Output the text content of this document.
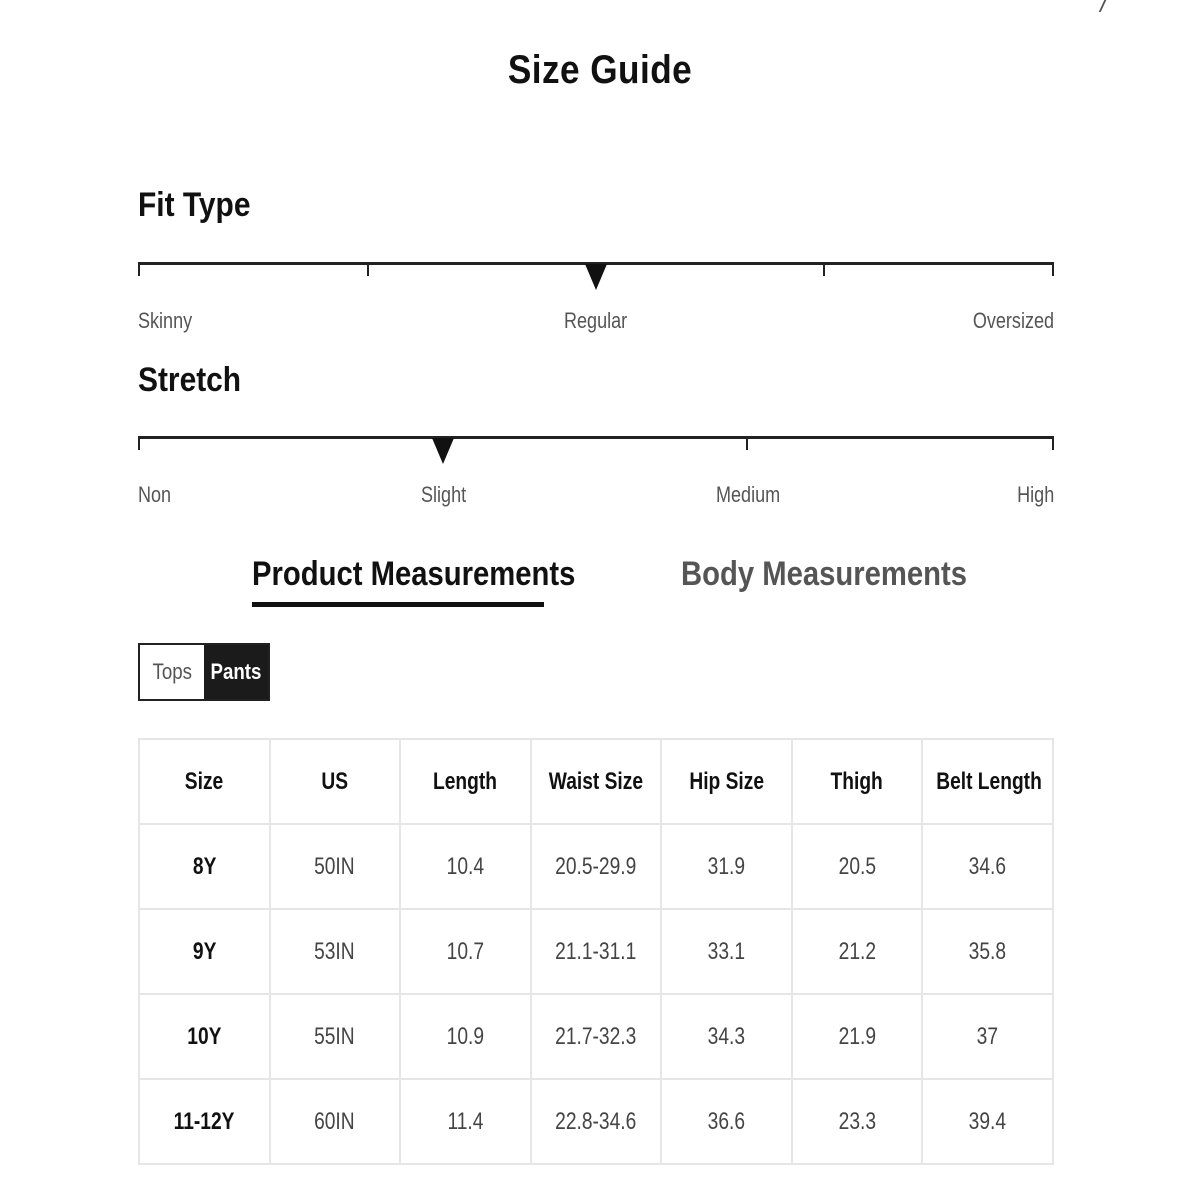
Size Guide
Fit Type
Skinny	Regular	Oversized
Stretch
Non	Slight	Medium	High
Product Measurements	Body Measurements
Tops Pants
Size	US	Length	Waist Size	Hip Size	Thigh	Belt Length
8Y	50IN	10.4	20.5-29.9	31.9	20.5	34.6
9Y	53IN	10.7	21.1-31.1	33.1	21.2	35.8
10Y	55IN	10.9	21.7-32.3	34.3	21.9	37
11-12Y	60IN	11.4	22.8-34.6	36.6	23.3	39.4
